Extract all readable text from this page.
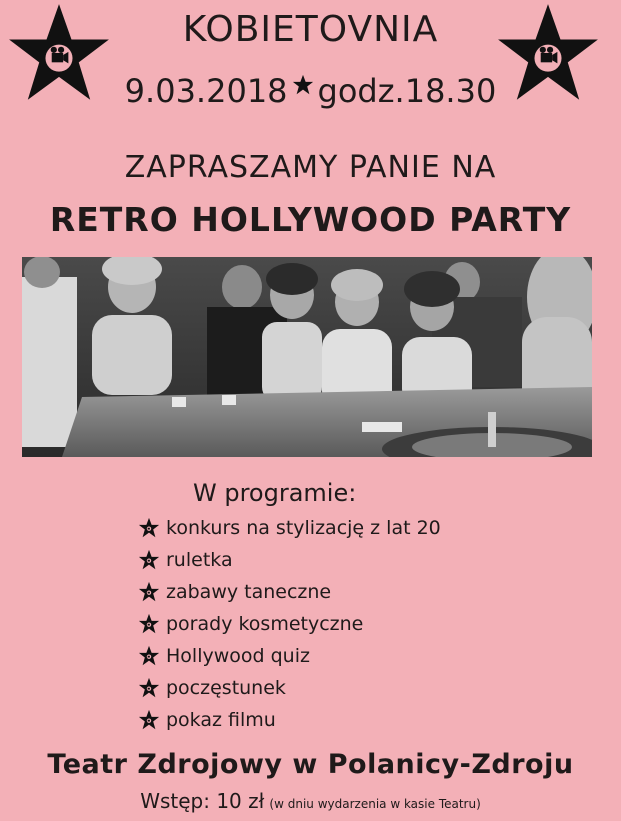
KOBIETOVNIA
9.03.2018 godz.18.30
ZAPRASZAMY PANIE NA
RETRO HOLLYWOOD PARTY
W programie:
konkurs na stylizację z lat 20
ruletka
zabawy taneczne
porady kosmetyczne
Hollywood quiz
poczęstunek
pokaz filmu
Teatr Zdrojowy w Polanicy-Zdroju
Wstęp: 10 zł (w dniu wydarzenia w kasie Teatru)
